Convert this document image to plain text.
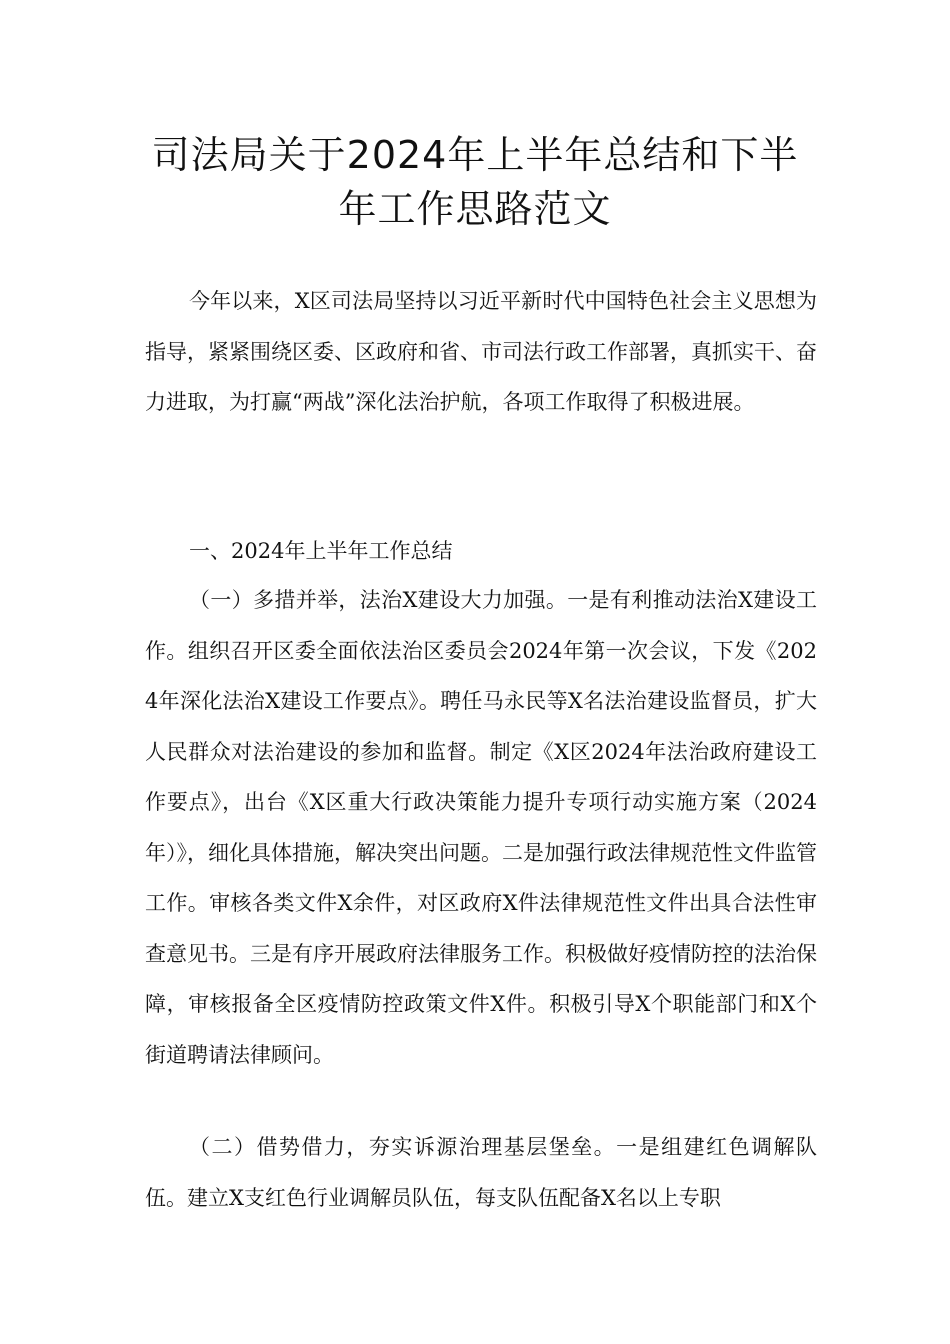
司法局关于2024年上半年总结和下半
年工作思路范文

今年以来，X区司法局坚持以习近平新时代中国特色社会主义思想为指导，紧紧围绕区委、区政府和省、市司法行政工作部署，真抓实干、奋力进取，为打赢“两战”深化法治护航，各项工作取得了积极进展。

一、2024年上半年工作总结

（一）多措并举，法治X建设大力加强。一是有利推动法治X建设工作。组织召开区委全面依法治区委员会2024年第一次会议，下发《2024年深化法治X建设工作要点》。聘任马永民等X名法治建设监督员，扩大人民群众对法治建设的参加和监督。制定《X区2024年法治政府建设工作要点》，出台《X区重大行政决策能力提升专项行动实施方案（2024年）》，细化具体措施，解决突出问题。二是加强行政法律规范性文件监管工作。审核各类文件X余件，对区政府X件法律规范性文件出具合法性审查意见书。三是有序开展政府法律服务工作。积极做好疫情防控的法治保障，审核报备全区疫情防控政策文件X件。积极引导X个职能部门和X个街道聘请法律顾问。

（二）借势借力，夯实诉源治理基层堡垒。一是组建红色调解队伍。建立X支红色行业调解员队伍，每支队伍配备X名以上专职
